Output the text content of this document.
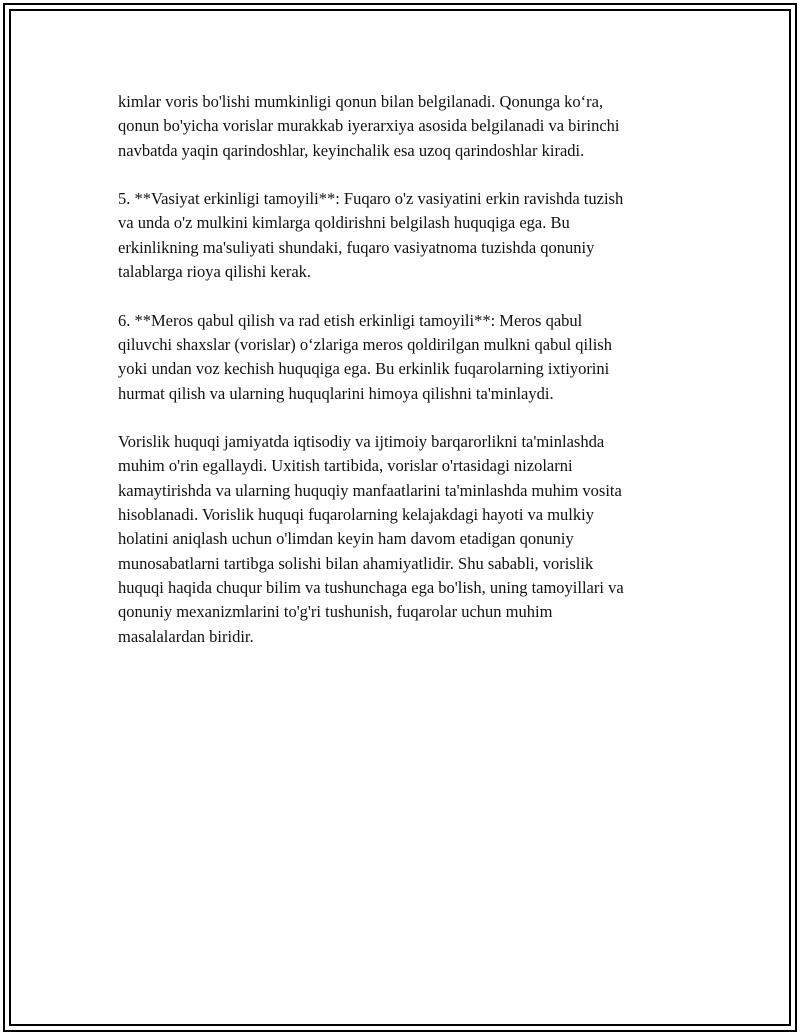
kimlar voris bo'lishi mumkinligi qonun bilan belgilanadi. Qonunga ko‘ra,
qonun bo'yicha vorislar murakkab iyerarxiya asosida belgilanadi va birinchi
navbatda yaqin qarindoshlar, keyinchalik esa uzoq qarindoshlar kiradi.

5. **Vasiyat erkinligi tamoyili**: Fuqaro o'z vasiyatini erkin ravishda tuzish
va unda o'z mulkini kimlarga qoldirishni belgilash huquqiga ega. Bu
erkinlikning ma'suliyati shundaki, fuqaro vasiyatnoma tuzishda qonuniy
talablarga rioya qilishi kerak.

6. **Meros qabul qilish va rad etish erkinligi tamoyili**: Meros qabul
qiluvchi shaxslar (vorislar) o‘zlariga meros qoldirilgan mulkni qabul qilish
yoki undan voz kechish huquqiga ega. Bu erkinlik fuqarolarning ixtiyorini
hurmat qilish va ularning huquqlarini himoya qilishni ta'minlaydi.

Vorislik huquqi jamiyatda iqtisodiy va ijtimoiy barqarorlikni ta'minlashda
muhim o'rin egallaydi. Uxitish tartibida, vorislar o'rtasidagi nizolarni
kamaytirishda va ularning huquqiy manfaatlarini ta'minlashda muhim vosita
hisoblanadi. Vorislik huquqi fuqarolarning kelajakdagi hayoti va mulkiy
holatini aniqlash uchun o'limdan keyin ham davom etadigan qonuniy
munosabatlarni tartibga solishi bilan ahamiyatlidir. Shu sababli, vorislik
huquqi haqida chuqur bilim va tushunchaga ega bo'lish, uning tamoyillari va
qonuniy mexanizmlarini to'g'ri tushunish, fuqarolar uchun muhim
masalalardan biridir.
